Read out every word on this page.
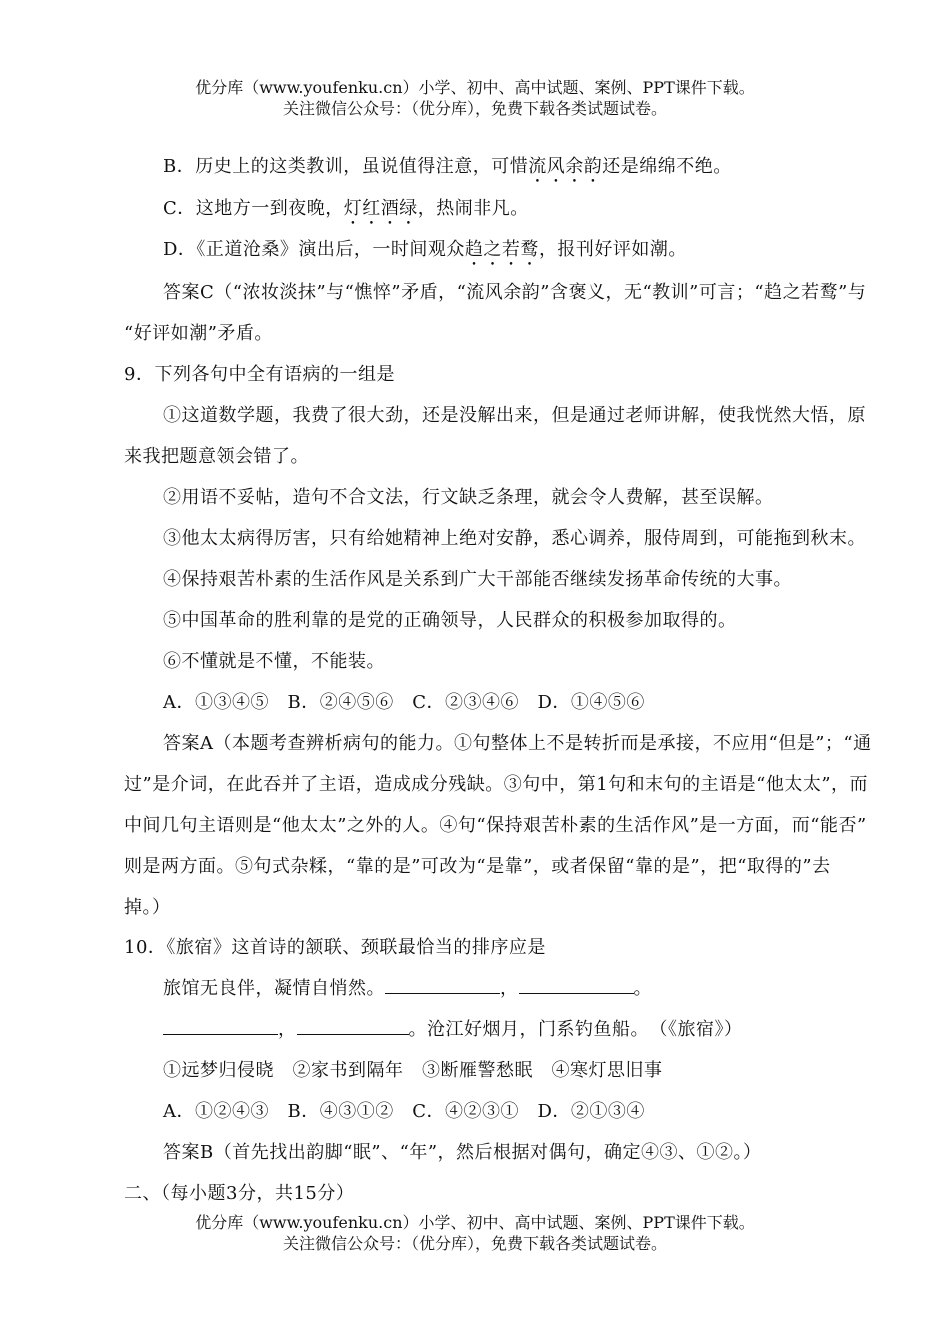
优分库（www.youfenku.cn）小学、初中、高中试题、案例、PPT课件下载。
关注微信公众号：（优分库），免费下载各类试题试卷。
B．历史上的这类教训，虽说值得注意，可惜流风余韵还是绵绵不绝。
C．这地方一到夜晚，灯红酒绿，热闹非凡。
D．《正道沧桑》演出后，一时间观众趋之若鹜，报刊好评如潮。
答案C（“浓妆淡抹”与“憔悴”矛盾，“流风余韵”含褒义，无“教训”可言；“趋之若鹜”与
“好评如潮”矛盾。
9．下列各句中全有语病的一组是
①这道数学题，我费了很大劲，还是没解出来，但是通过老师讲解，使我恍然大悟，原
来我把题意领会错了。
②用语不妥帖，造句不合文法，行文缺乏条理，就会令人费解，甚至误解。
③他太太病得厉害，只有给她精神上绝对安静，悉心调养，服侍周到，可能拖到秋末。
④保持艰苦朴素的生活作风是关系到广大干部能否继续发扬革命传统的大事。
⑤中国革命的胜利靠的是党的正确领导，人民群众的积极参加取得的。
⑥不懂就是不懂，不能装。
A．①③④⑤　B．②④⑤⑥　C．②③④⑥　D．①④⑤⑥
答案A（本题考查辨析病句的能力。①句整体上不是转折而是承接，不应用“但是”；“通
过”是介词，在此吞并了主语，造成成分残缺。③句中，第1句和末句的主语是“他太太”，而
中间几句主语则是“他太太”之外的人。④句“保持艰苦朴素的生活作风”是一方面，而“能否”
则是两方面。⑤句式杂糅，“靠的是”可改为“是靠”，或者保留“靠的是”，把“取得的”去
掉。）
10．《旅宿》这首诗的颔联、颈联最恰当的排序应是
旅馆无良伴，凝情自悄然。	，	。
，	。沧江好烟月，门系钓鱼船。　（《旅宿》）
①远梦归侵晓　②家书到隔年　③断雁警愁眠　④寒灯思旧事
A．①②④③　B．④③①②　C．④②③①　D．②①③④
答案B（首先找出韵脚“眠”、“年”，然后根据对偶句，确定④③、①②。）
二、（每小题3分，共15分）
优分库（www.youfenku.cn）小学、初中、高中试题、案例、PPT课件下载。
关注微信公众号：（优分库），免费下载各类试题试卷。
